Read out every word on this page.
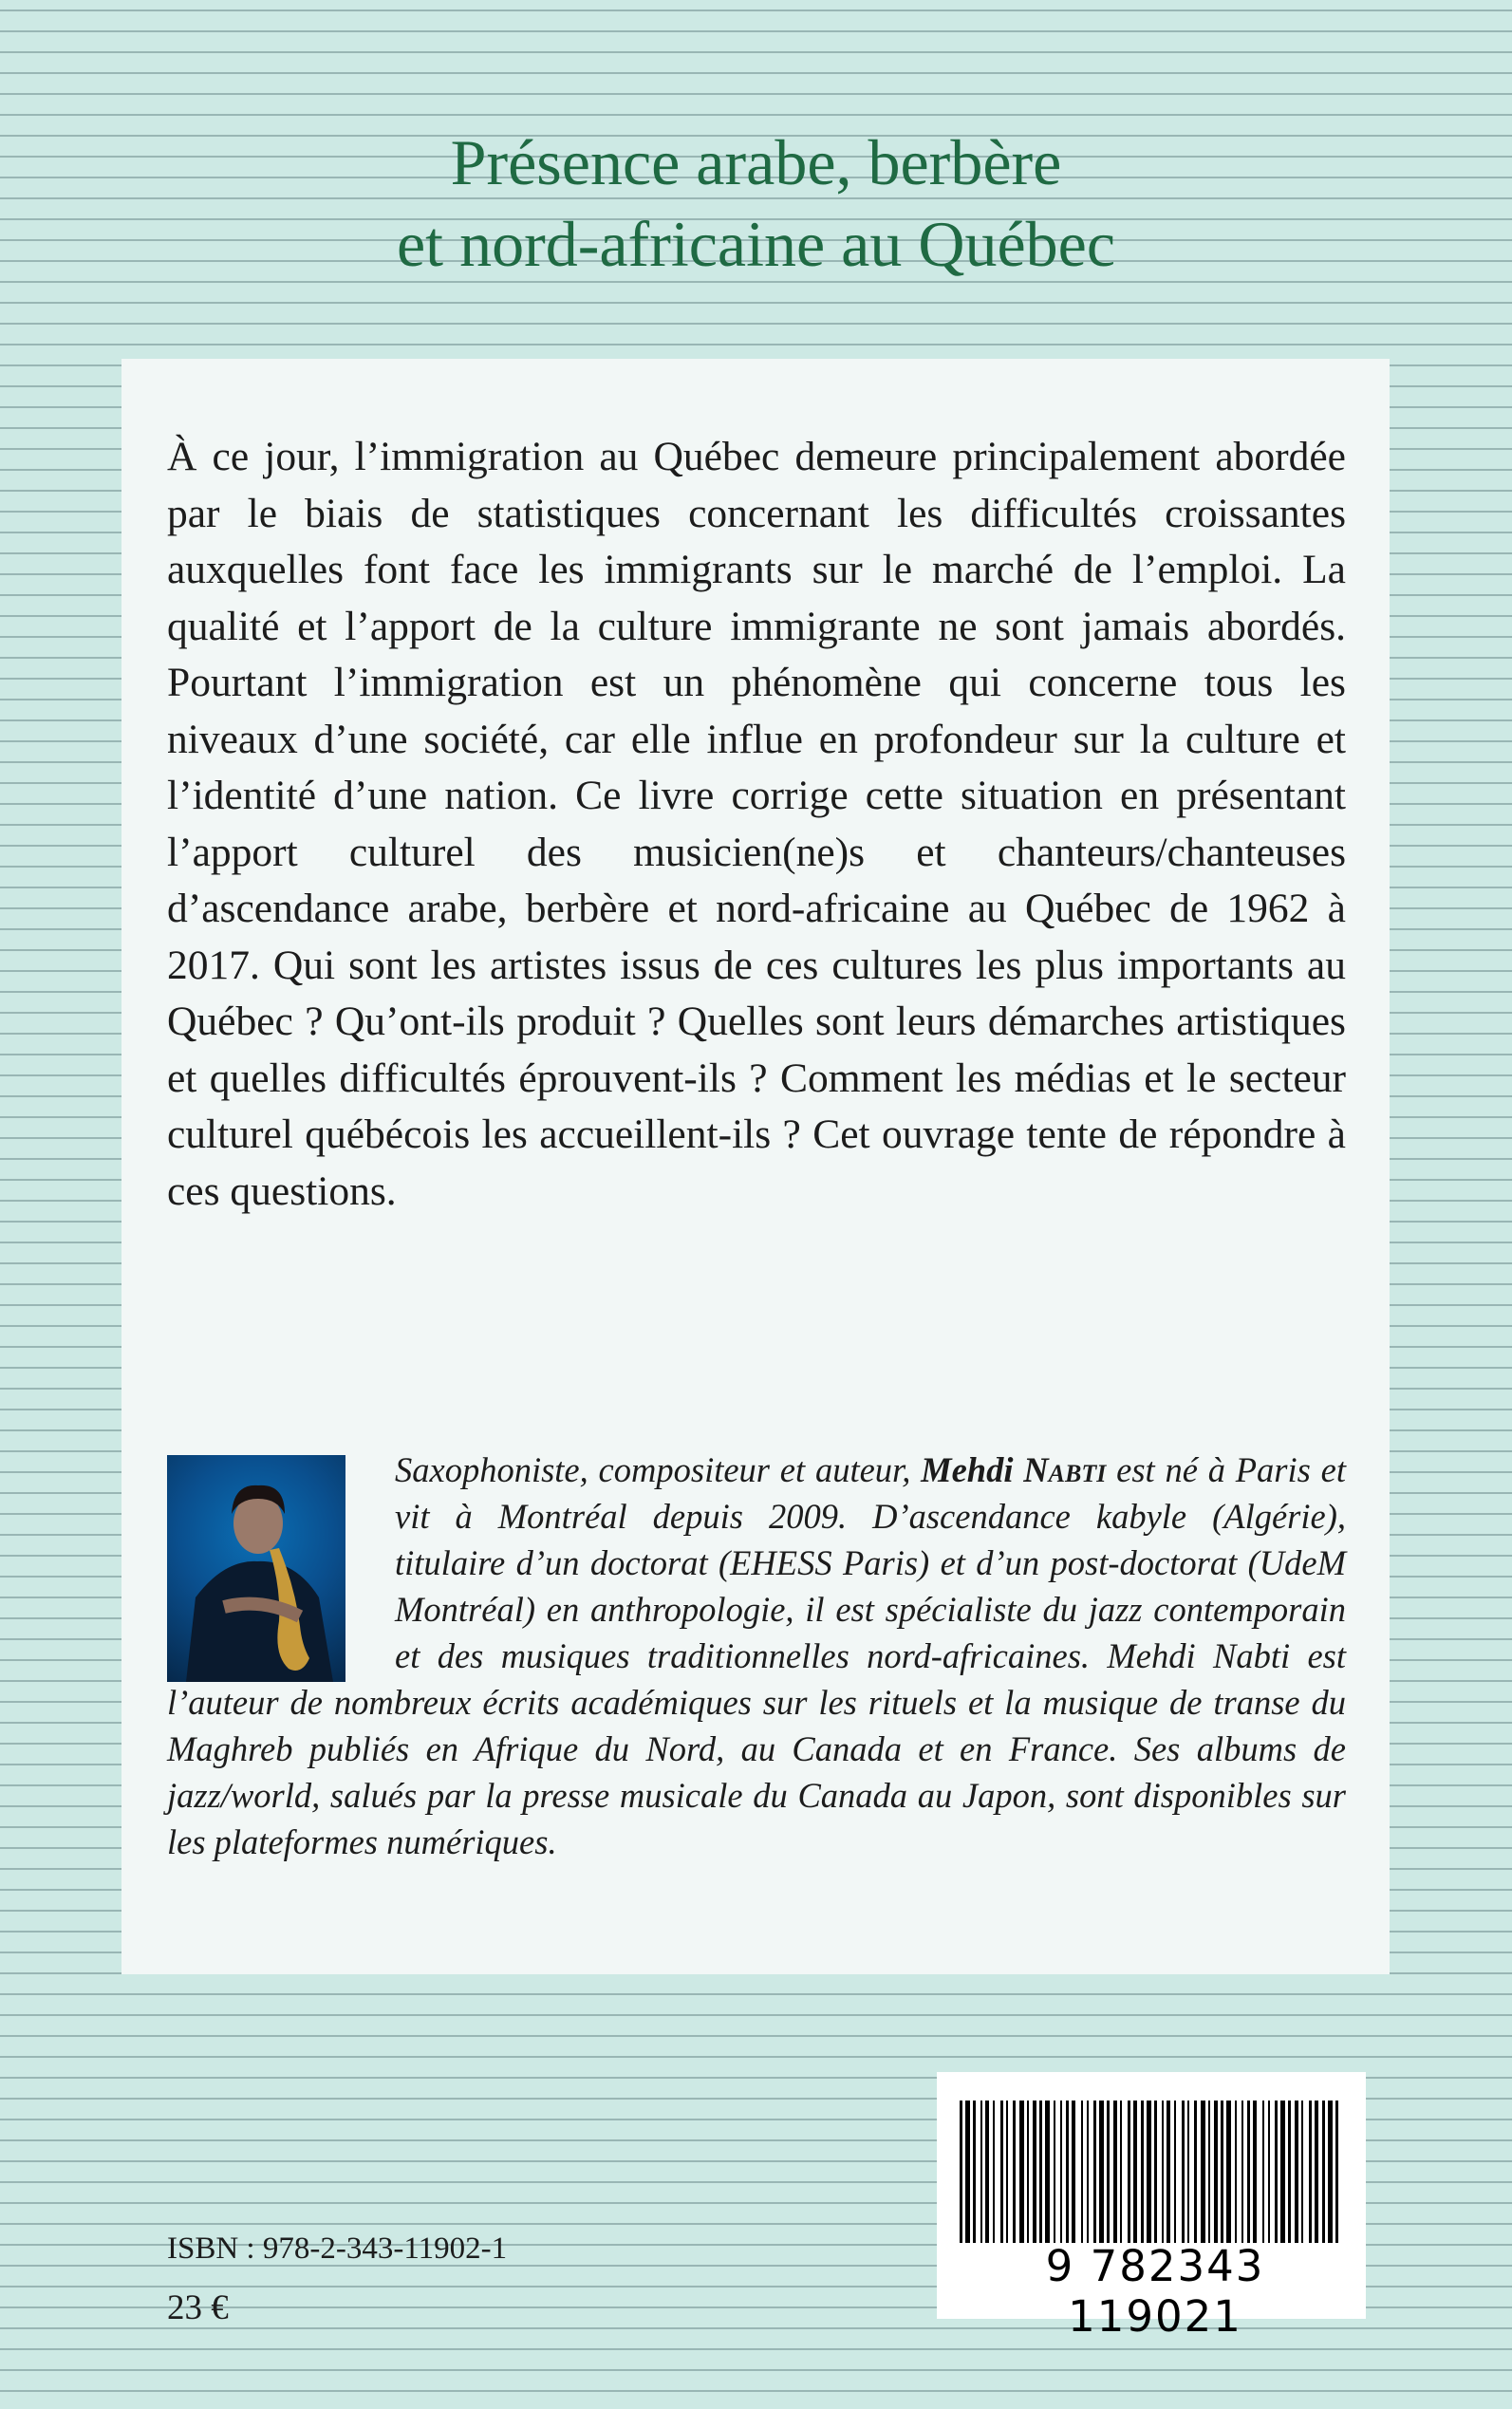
Présence arabe, berbère
et nord-africaine au Québec

À ce jour, l’immigration au Québec demeure principalement abordée par le biais de statistiques concernant les difficultés croissantes auxquelles font face les immigrants sur le marché de l’emploi. La qualité et l’apport de la culture immigrante ne sont jamais abordés. Pourtant l’immigration est un phénomène qui concerne tous les niveaux d’une société, car elle influe en profondeur sur la culture et l’identité d’une nation. Ce livre corrige cette situation en présentant l’apport culturel des musicien(ne)s et chanteurs/chanteuses d’ascendance arabe, berbère et nord-africaine au Québec de 1962 à 2017. Qui sont les artistes issus de ces cultures les plus importants au Québec ? Qu’ont-ils produit ? Quelles sont leurs démarches artistiques et quelles difficultés éprouvent-ils ? Comment les médias et le secteur culturel québécois les accueillent-ils ? Cet ouvrage tente de répondre à ces questions.

Saxophoniste, compositeur et auteur, Mehdi Nabti est né à Paris et vit à Montréal depuis 2009. D’ascendance kabyle (Algérie), titulaire d’un doctorat (EHESS Paris) et d’un post-doctorat (UdeM Montréal) en anthropologie, il est spécialiste du jazz contemporain et des musiques traditionnelles nord-africaines. Mehdi Nabti est l’auteur de nombreux écrits académiques sur les rituels et la musique de transe du Maghreb publiés en Afrique du Nord, au Canada et en France. Ses albums de jazz/world, salués par la presse musicale du Canada au Japon, sont disponibles sur les plateformes numériques.

ISBN : 978-2-343-11902-1
23 €
9 782343 119021
